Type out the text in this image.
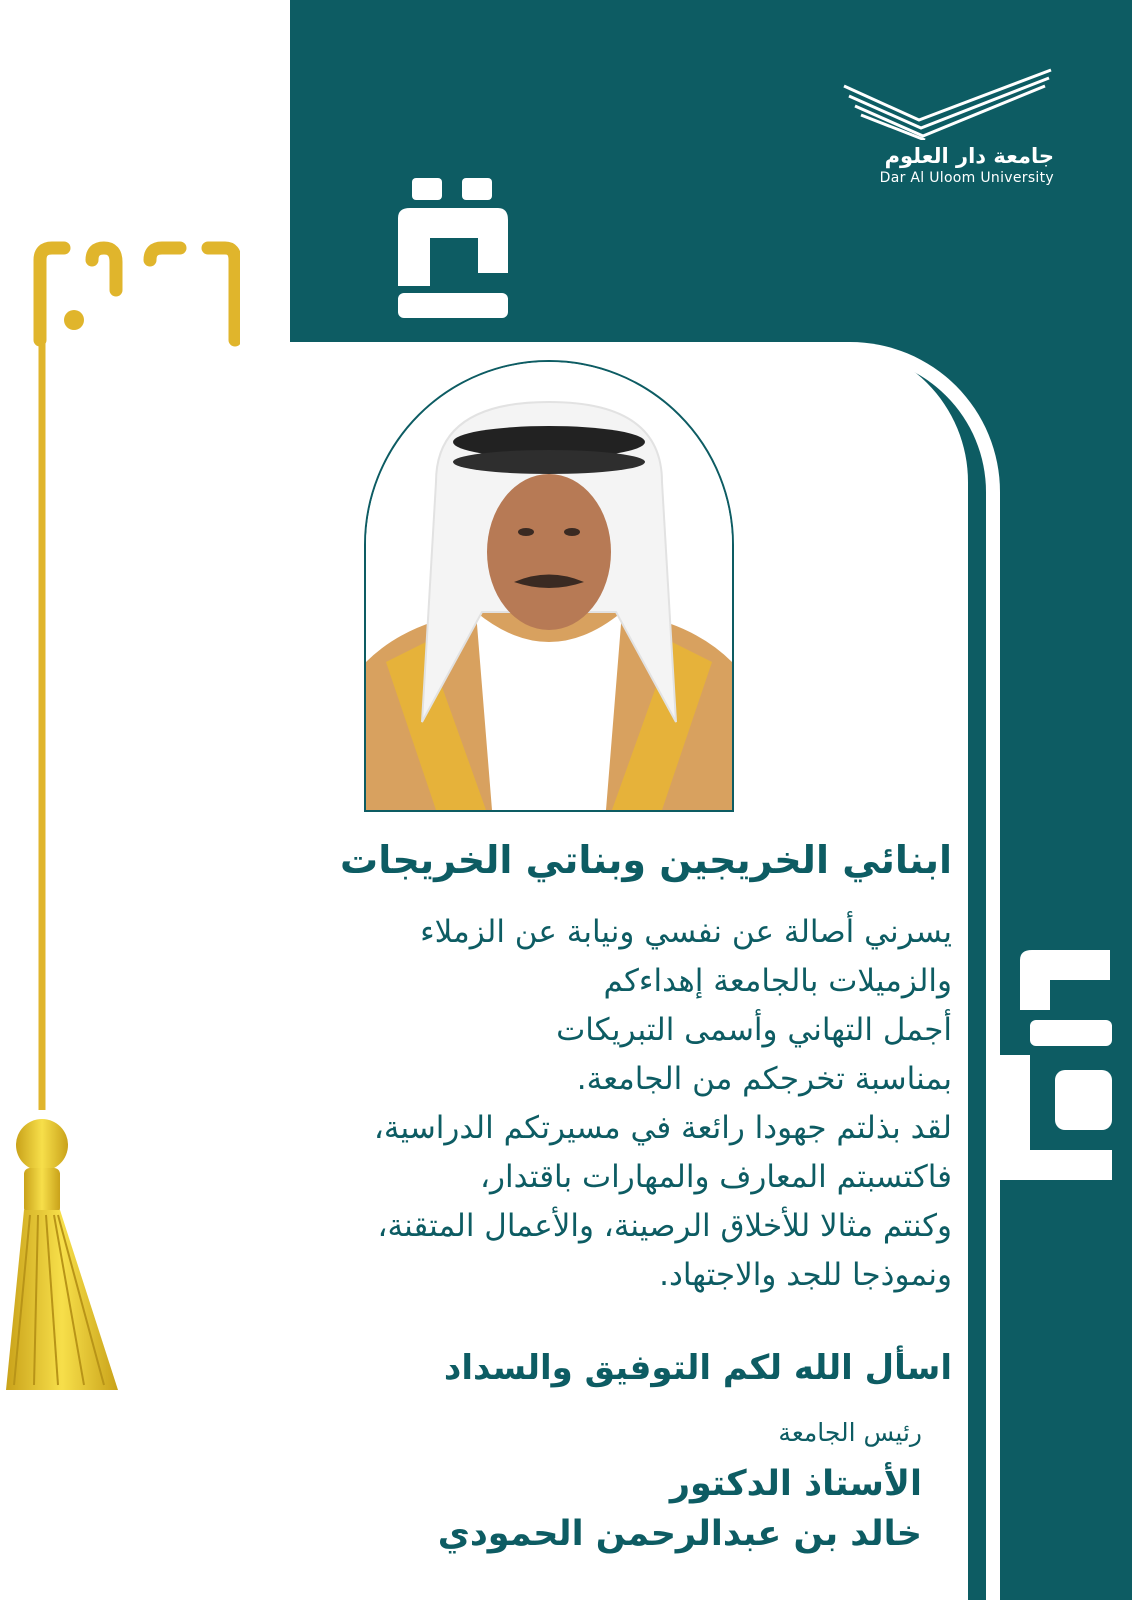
جامعة دار العلوم
Dar Al Uloom University
ابنائي الخريجين وبناتي الخريجات
يسرني أصالة عن نفسي ونيابة عن الزملاء
والزميلات بالجامعة إهداءكم
أجمل التهاني وأسمى التبريكات
بمناسبة تخرجكم من الجامعة.
لقد بذلتم جهودا رائعة في مسيرتكم الدراسية،
فاكتسبتم المعارف والمهارات باقتدار،
وكنتم مثالا للأخلاق الرصينة، والأعمال المتقنة،
ونموذجا للجد والاجتهاد.
اسأل الله لكم التوفيق والسداد
رئيس الجامعة
الأستاذ الدكتور
خالد بن عبدالرحمن الحمودي
